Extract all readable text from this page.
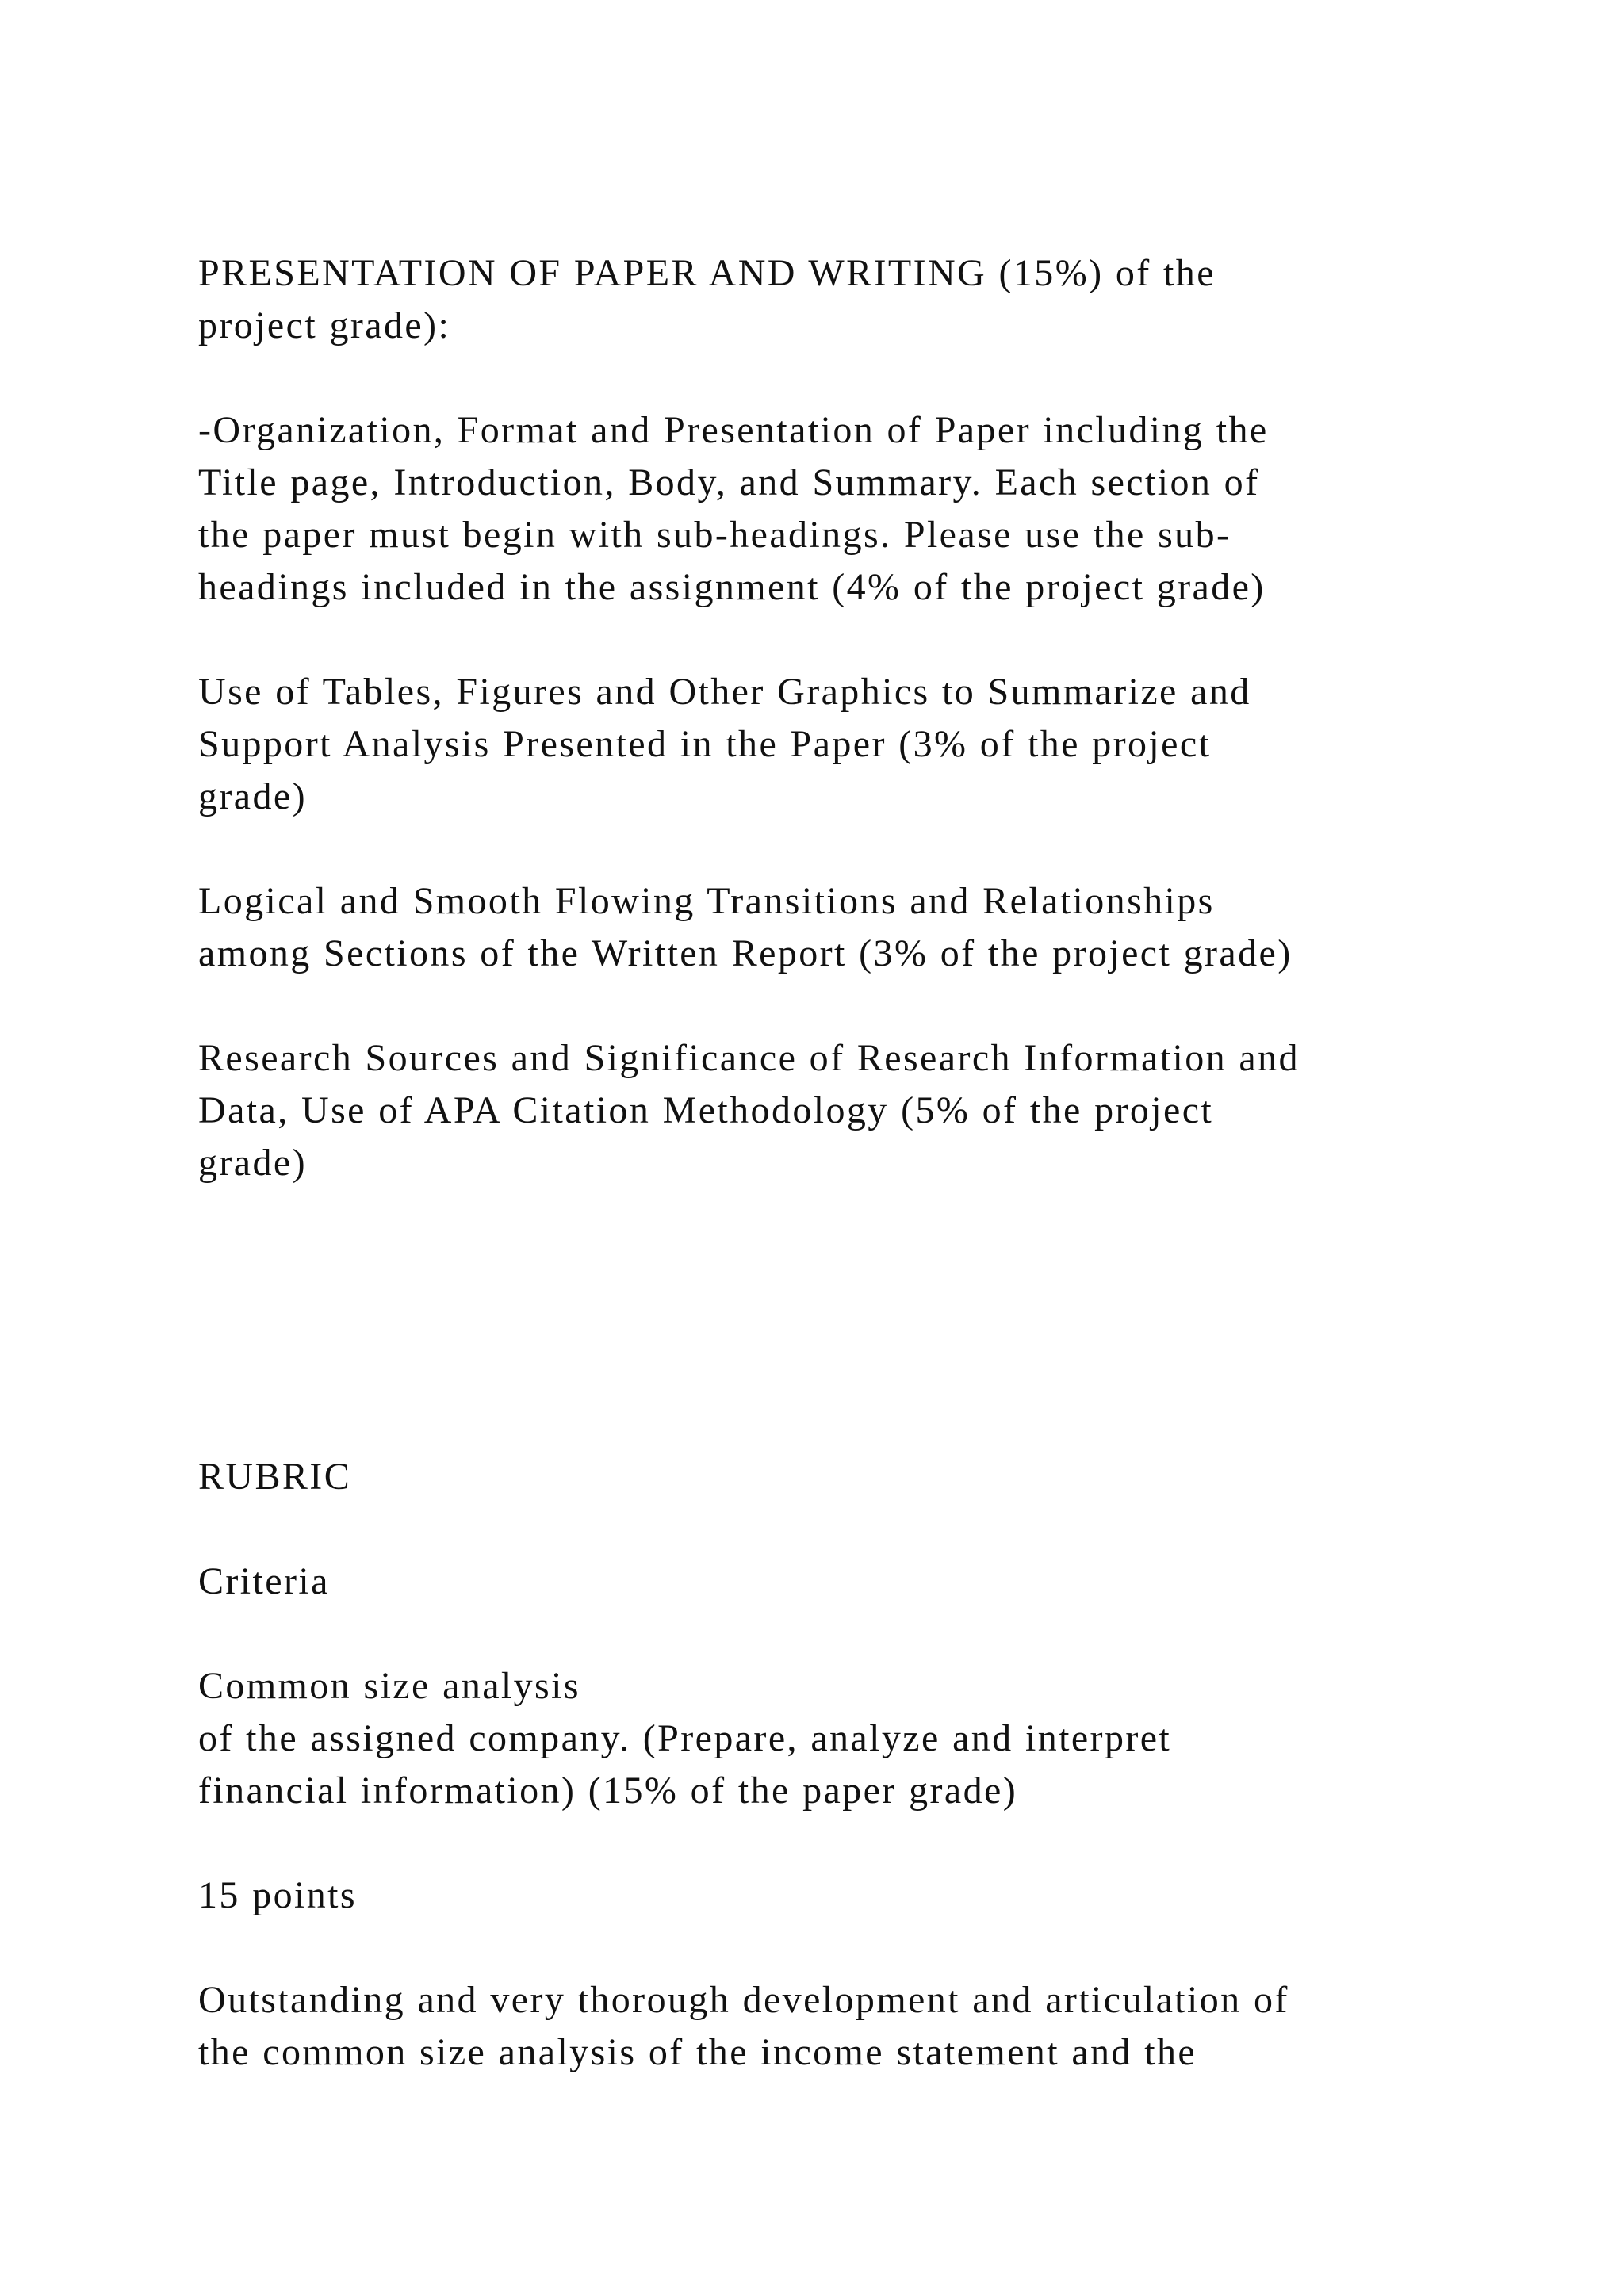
PRESENTATION OF PAPER AND WRITING (15%) of the
project grade):

-Organization, Format and Presentation of Paper including the
Title page, Introduction, Body, and Summary. Each section of
the paper must begin with sub-headings. Please use the sub-
headings included in the assignment (4% of the project grade)

Use of Tables, Figures and Other Graphics to Summarize and
Support Analysis Presented in the Paper (3% of the project
grade)

Logical and Smooth Flowing Transitions and Relationships
among Sections of the Written Report (3% of the project grade)

Research Sources and Significance of Research Information and
Data, Use of APA Citation Methodology (5% of the project
grade)

RUBRIC

Criteria

Common size analysis
of the assigned company. (Prepare, analyze and interpret
financial information) (15% of the paper grade)

15 points

Outstanding and very thorough development and articulation of
the common size analysis of the income statement and the
